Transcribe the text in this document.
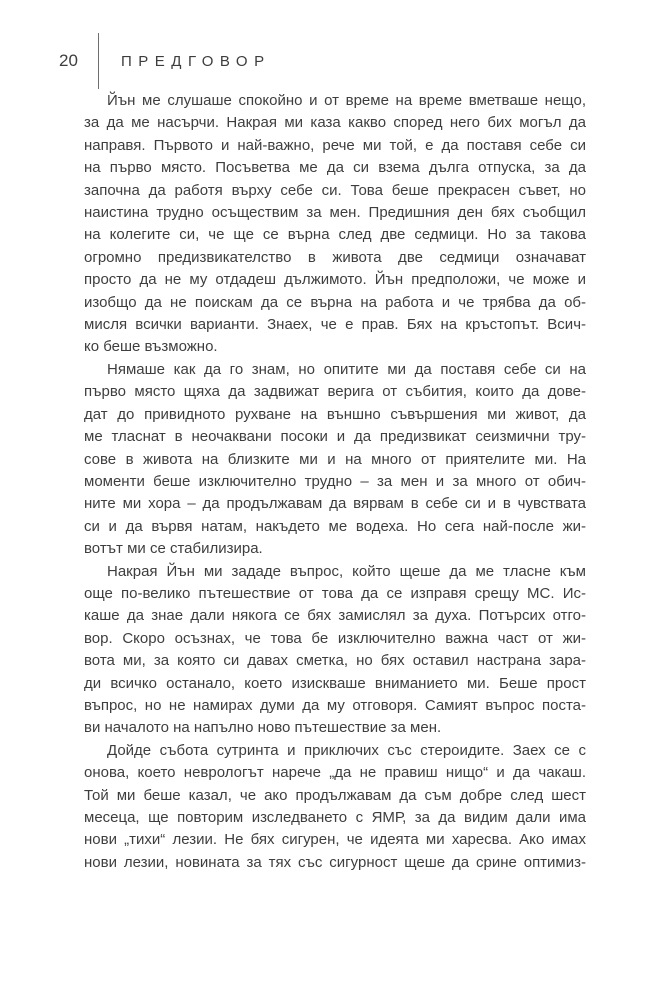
20	ПРЕДГОВОР
Йън ме слушаше спокойно и от време на време вметваше нещо,
за да ме насърчи. Накрая ми каза какво според него бих могъл да
направя. Първото и най-важно, рече ми той, е да поставя себе си
на първо място. Посъветва ме да си взема дълга отпуска, за да
започна да работя върху себе си. Това беше прекрасен съвет, но
наистина трудно осъществим за мен. Предишния ден бях съобщил
на колегите си, че ще се върна след две седмици. Но за такова
огромно предизвикателство в живота две седмици означават
просто да не му отдадеш дължимото. Йън предположи, че може и
изобщо да не поискам да се върна на работа и че трябва да об-
мисля всички варианти. Знаех, че е прав. Бях на кръстопът. Всич-
ко беше възможно.
Нямаше как да го знам, но опитите ми да поставя себе си на
първо място щяха да задвижат верига от събития, които да дове-
дат до привидното рухване на външно съвършения ми живот, да
ме тласнат в неочаквани посоки и да предизвикат сеизмични тру-
сове в живота на близките ми и на много от приятелите ми. На
моменти беше изключително трудно – за мен и за много от обич-
ните ми хора – да продължавам да вярвам в себе си и в чувствата
си и да вървя натам, накъдето ме водеха. Но сега най-после жи-
вотът ми се стабилизира.
Накрая Йън ми зададе въпрос, който щеше да ме тласне към
още по-велико пътешествие от това да се изправя срещу МС. Ис-
каше да знае дали някога се бях замислял за духа. Потърсих отго-
вор. Скоро осъзнах, че това бе изключително важна част от жи-
вота ми, за която си давах сметка, но бях оставил настрана зара-
ди всичко останало, което изискваше вниманието ми. Беше прост
въпрос, но не намирах думи да му отговоря. Самият въпрос поста-
ви началото на напълно ново пътешествие за мен.
Дойде събота сутринта и приключих със стероидите. Заех се с
онова, което неврологът нарече „да не правиш нищо“ и да чакаш.
Той ми беше казал, че ако продължавам да съм добре след шест
месеца, ще повторим изследването с ЯМР, за да видим дали има
нови „тихи“ лезии. Не бях сигурен, че идеята ми харесва. Ако имах
нови лезии, новината за тях със сигурност щеше да срине оптимиз-
